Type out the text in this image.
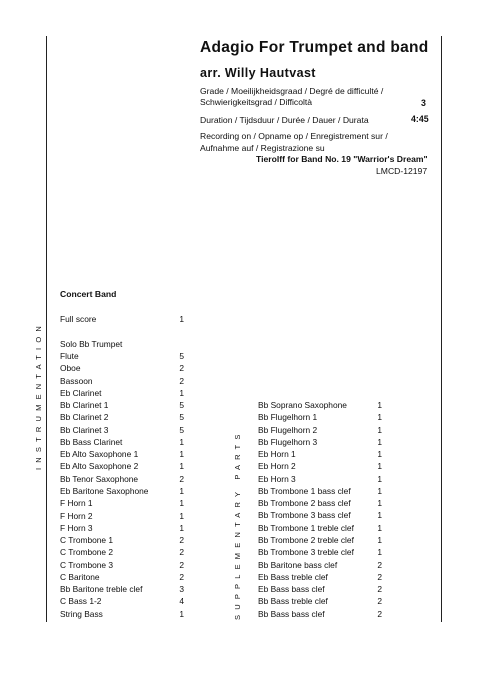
Adagio For Trumpet and band
arr. Willy Hautvast
Grade / Moeilijkheidsgraad / Degré de difficulté /
Schwierigkeitsgrad / Difficoltà	3
Duration / Tijdsduur / Durée / Dauer / Durata	4:45
Recording on / Opname op / Enregistrement sur /
Aufnahme auf / Registrazione su
Tierolff for Band No. 19 "Warrior's Dream"
LMCD-12197
INSTRUMENTATION
SUPPLEMENTARY PARTS
Concert Band
Full score	1
Solo Bb Trumpet
Flute	5
Oboe	2
Bassoon	2
Eb Clarinet	1
Bb Clarinet 1	5
Bb Clarinet 2	5
Bb Clarinet 3	5
Bb Bass Clarinet	1
Eb Alto Saxophone 1	1
Eb Alto Saxophone 2	1
Bb Tenor Saxophone	2
Eb Baritone Saxophone	1
F Horn 1	1
F Horn 2	1
F Horn 3	1
C Trombone 1	2
C Trombone 2	2
C Trombone 3	2
C Baritone	2
Bb Baritone treble clef	3
C Bass 1-2	4
String Bass	1
Bb Soprano Saxophone	1
Bb Flugelhorn 1	1
Bb Flugelhorn 2	1
Bb Flugelhorn 3	1
Eb Horn 1	1
Eb Horn 2	1
Eb Horn 3	1
Bb Trombone 1 bass clef	1
Bb Trombone 2 bass clef	1
Bb Trombone 3 bass clef	1
Bb Trombone 1 treble clef	1
Bb Trombone 2 treble clef	1
Bb Trombone 3 treble clef	1
Bb Baritone bass clef	2
Eb Bass treble clef	2
Eb Bass bass clef	2
Bb Bass treble clef	2
Bb Bass bass clef	2
